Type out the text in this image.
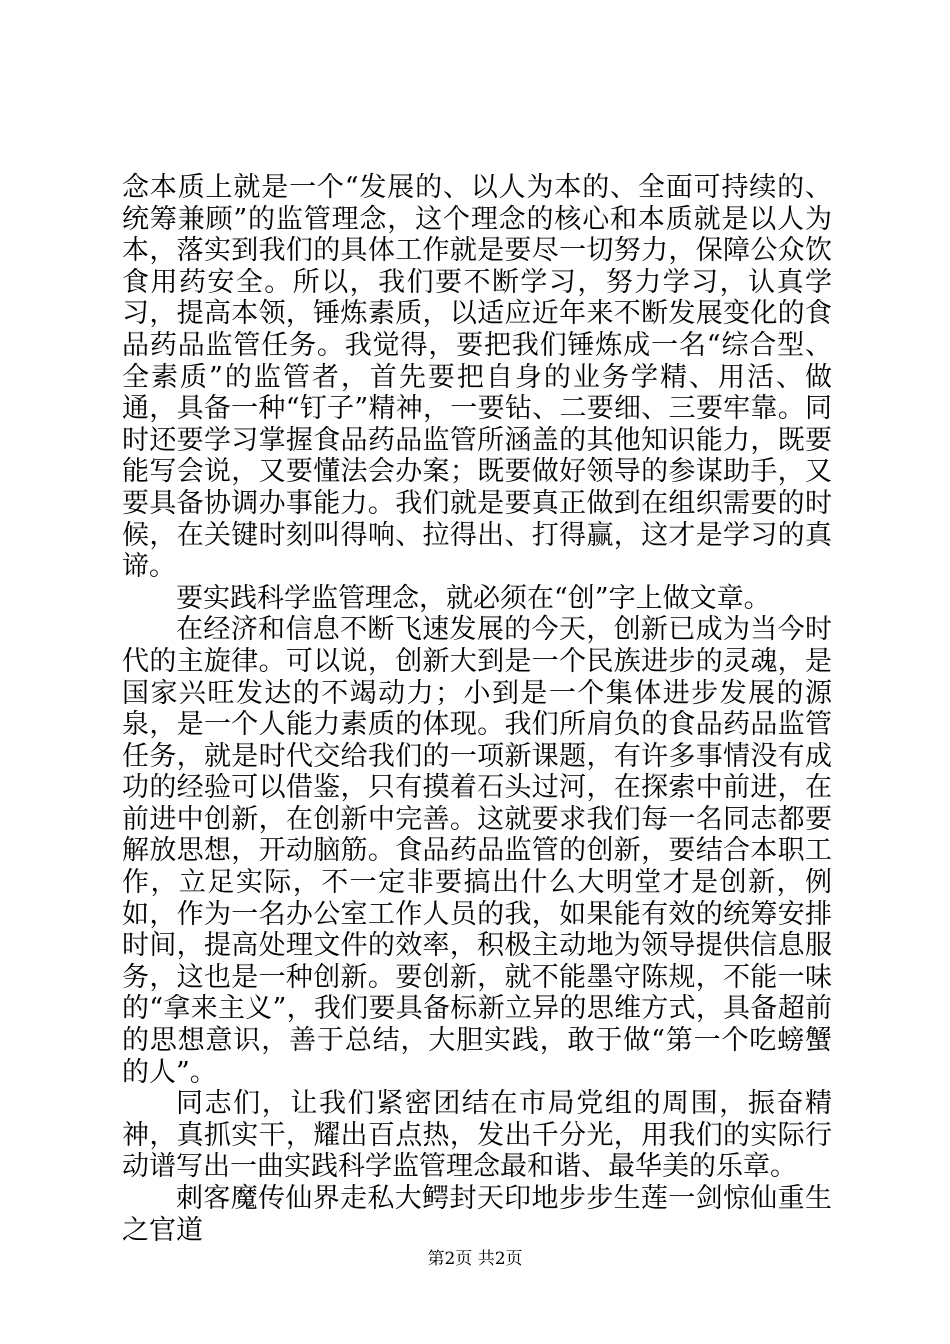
念本质上就是一个“发展的、以人为本的、全面可持续的、统筹兼顾”的监管理念，这个理念的核心和本质就是以人为本，落实到我们的具体工作就是要尽一切努力，保障公众饮食用药安全。所以，我们要不断学习，努力学习，认真学习，提高本领，锤炼素质，以适应近年来不断发展变化的食品药品监管任务。我觉得，要把我们锤炼成一名“综合型、全素质”的监管者，首先要把自身的业务学精、用活、做通，具备一种“钉子”精神，一要钻、二要细、三要牢靠。同时还要学习掌握食品药品监管所涵盖的其他知识能力，既要能写会说，又要懂法会办案；既要做好领导的参谋助手，又要具备协调办事能力。我们就是要真正做到在组织需要的时候，在关键时刻叫得响、拉得出、打得赢，这才是学习的真谛。

要实践科学监管理念，就必须在“创”字上做文章。

在经济和信息不断飞速发展的今天，创新已成为当今时代的主旋律。可以说，创新大到是一个民族进步的灵魂，是国家兴旺发达的不竭动力；小到是一个集体进步发展的源泉，是一个人能力素质的体现。我们所肩负的食品药品监管任务，就是时代交给我们的一项新课题，有许多事情没有成功的经验可以借鉴，只有摸着石头过河，在探索中前进，在前进中创新，在创新中完善。这就要求我们每一名同志都要解放思想，开动脑筋。食品药品监管的创新，要结合本职工作，立足实际，不一定非要搞出什么大明堂才是创新，例如，作为一名办公室工作人员的我，如果能有效的统筹安排时间，提高处理文件的效率，积极主动地为领导提供信息服务，这也是一种创新。要创新，就不能墨守陈规，不能一味的“拿来主义”，我们要具备标新立异的思维方式，具备超前的思想意识，善于总结，大胆实践，敢于做“第一个吃螃蟹的人”。

同志们，让我们紧密团结在市局党组的周围，振奋精神，真抓实干，耀出百点热，发出千分光，用我们的实际行动谱写出一曲实践科学监管理念最和谐、最华美的乐章。

刺客魔传仙界走私大鳄封天印地步步生莲一剑惊仙重生之官道

第2页 共2页
